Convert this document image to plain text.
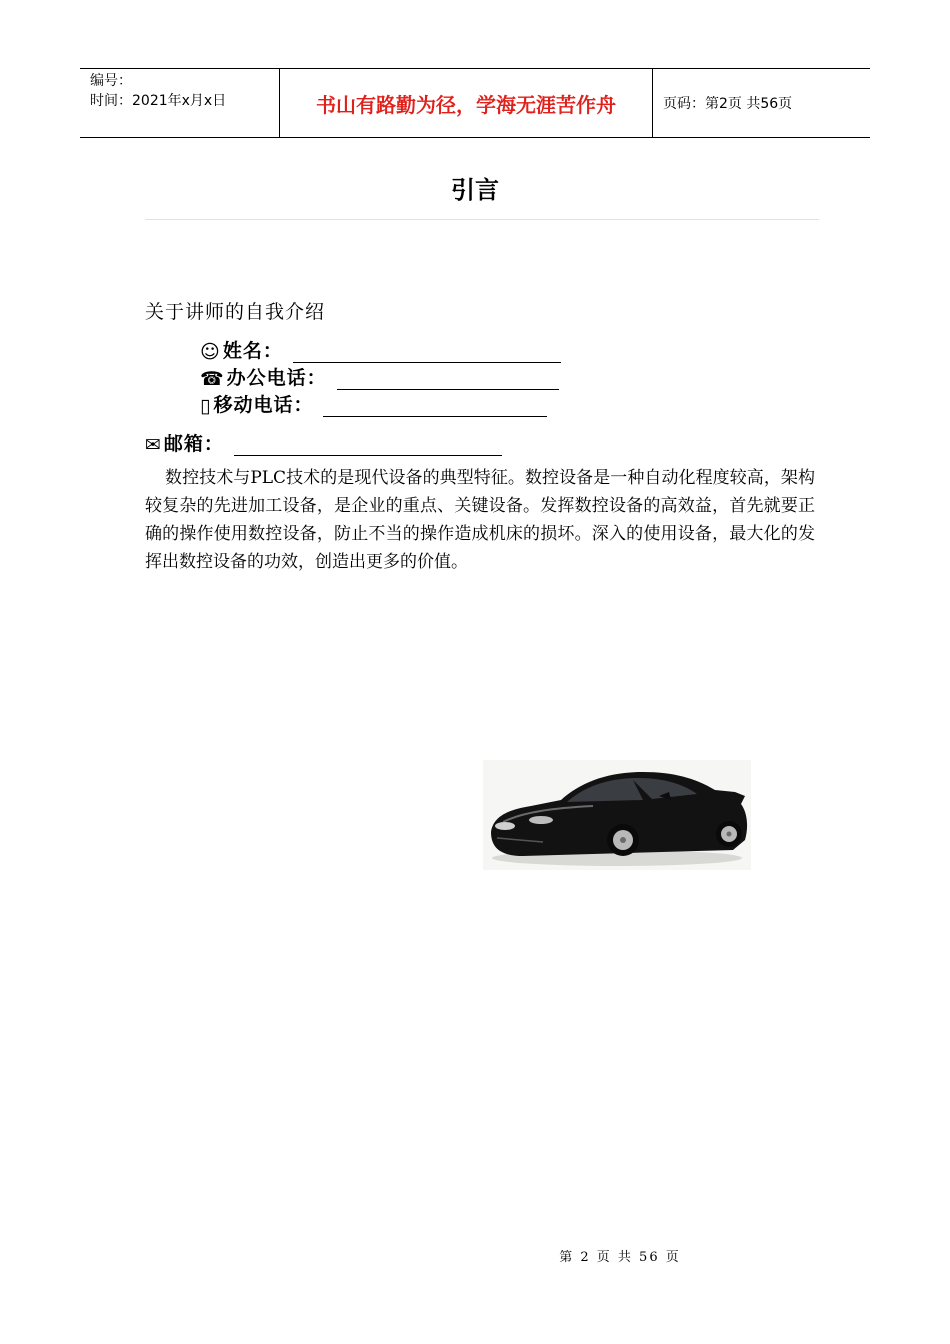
编号：
时间：2021年x月x日	书山有路勤为径，学海无涯苦作舟	页码：第2页 共56页
引言
关于讲师的自我介绍
☺ 姓名：
☎ 办公电话：
▯ 移动电话：
✉ 邮箱：
数控技术与PLC技术的是现代设备的典型特征。数控设备是一种自动化程度较高，架构较复杂的先进加工设备，是企业的重点、关键设备。发挥数控设备的高效益，首先就要正确的操作使用数控设备，防止不当的操作造成机床的损坏。深入的使用设备，最大化的发挥出数控设备的功效，创造出更多的价值。
第 2 页 共 56 页
